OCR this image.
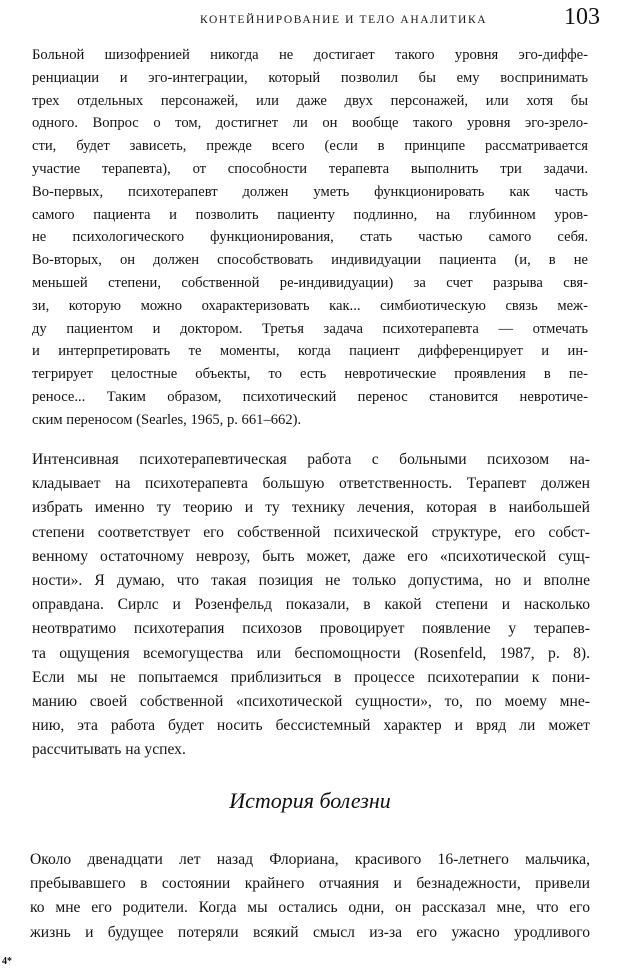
КОНТЕЙНИРОВАНИЕ И ТЕЛО АНАЛИТИКА	103
Больной шизофренией никогда не достигает такого уровня эго-диффе-
ренциации и эго-интеграции, который позволил бы ему воспринимать
трех отдельных персонажей, или даже двух персонажей, или хотя бы
одного. Вопрос о том, достигнет ли он вообще такого уровня эго-зрело-
сти, будет зависеть, прежде всего (если в принципе рассматривается
участие терапевта), от способности терапевта выполнить три задачи.
Во-первых, психотерапевт должен уметь функционировать как часть
самого пациента и позволить пациенту подлинно, на глубинном уров-
не психологического функционирования, стать частью самого себя.
Во-вторых, он должен способствовать индивидуации пациента (и, в не
меньшей степени, собственной ре-индивидуации) за счет разрыва свя-
зи, которую можно охарактеризовать как... симбиотическую связь меж-
ду пациентом и доктором. Третья задача психотерапевта — отмечать
и интерпретировать те моменты, когда пациент дифференцирует и ин-
тегрирует целостные объекты, то есть невротические проявления в пе-
реносе... Таким образом, психотический перенос становится невротиче-
ским переносом (Searles, 1965, p. 661–662).
Интенсивная психотерапевтическая работа с больными психозом на-
кладывает на психотерапевта большую ответственность. Терапевт должен
избрать именно ту теорию и ту технику лечения, которая в наибольшей
степени соответствует его собственной психической структуре, его собст-
венному остаточному неврозу, быть может, даже его «психотической сущ-
ности». Я думаю, что такая позиция не только допустима, но и вполне
оправдана. Сирлс и Розенфельд показали, в какой степени и насколько
неотвратимо психотерапия психозов провоцирует появление у терапев-
та ощущения всемогущества или беспомощности (Rosenfeld, 1987, p. 8).
Если мы не попытаемся приблизиться в процессе психотерапии к пони-
манию своей собственной «психотической сущности», то, по моему мне-
нию, эта работа будет носить бессистемный характер и вряд ли может
рассчитывать на успех.
История болезни
Около двенадцати лет назад Флориана, красивого 16-летнего мальчика,
пребывавшего в состоянии крайнего отчаяния и безнадежности, привели
ко мне его родители. Когда мы остались одни, он рассказал мне, что его
жизнь и будущее потеряли всякий смысл из-за его ужасно уродливого
4*
